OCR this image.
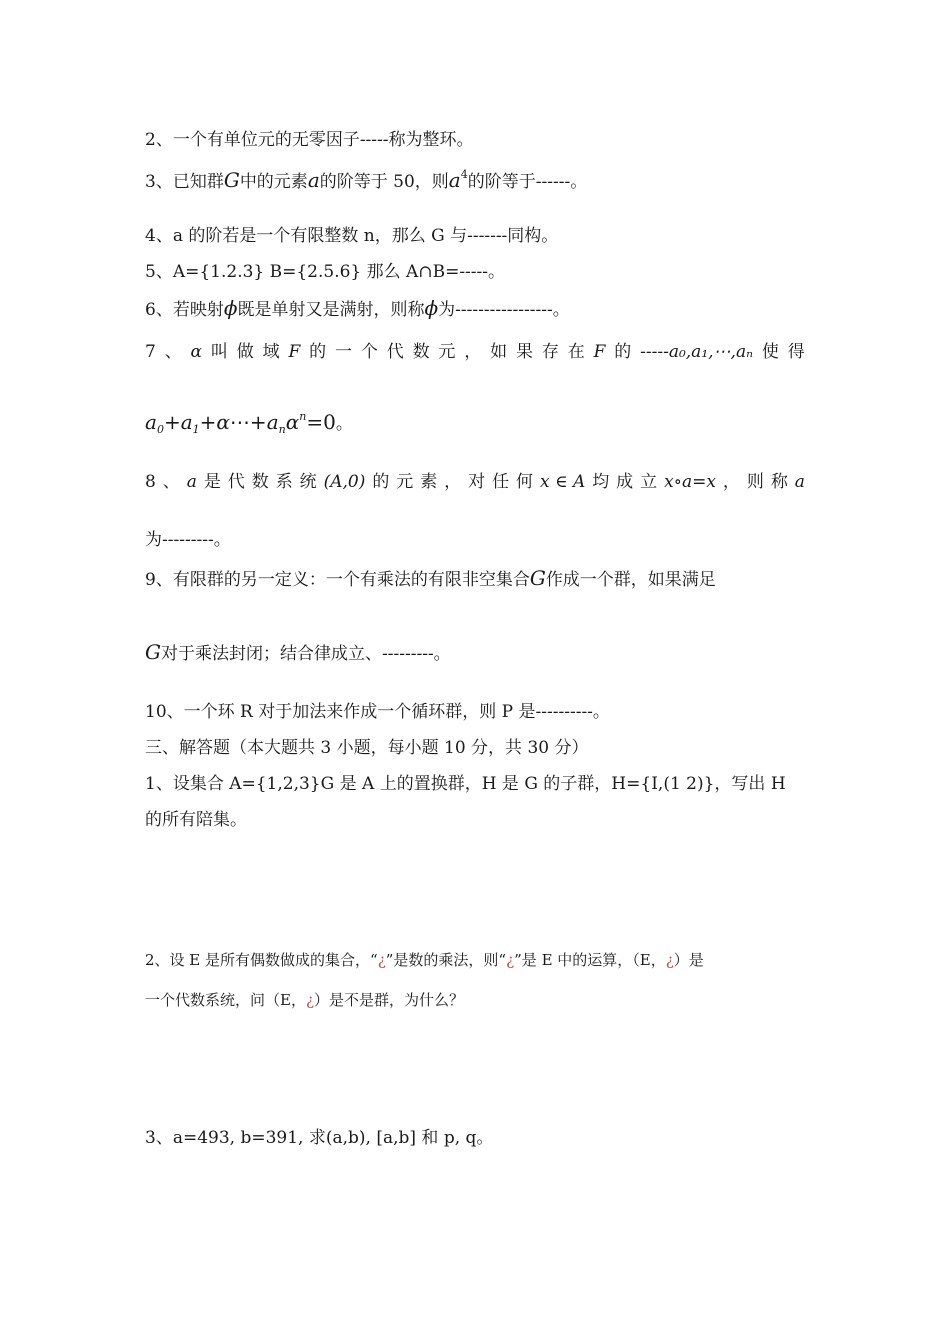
2、一个有单位元的无零因子-----称为整环。
3、已知群G中的元素a的阶等于 50，则$a^4$的阶等于------。
4、a 的阶若是一个有限整数 n，那么 G 与-------同构。
5、A={1.2.3} B={2.5.6} 那么 A∩B=-----。
6、若映射ϕ既是单射又是满射，则称ϕ为-----------------。
7 、 α 叫 做 域 F 的 一 个 代 数 元 ， 如 果 存 在 F 的 -----a₀,a₁,⋯,aₙ 使 得
$a_0+a_1+\alpha\cdots+a_n\alpha^n=0$。
8 、 a 是 代 数 系 统 (A,0) 的 元 素 ， 对 任 何 x ∈ A 均 成 立 x∘a=x ， 则 称 a
为---------。
9、有限群的另一定义：一个有乘法的有限非空集合G作成一个群，如果满足
G对于乘法封闭；结合律成立、---------。
10、一个环 R 对于加法来作成一个循环群，则 P 是----------。
三、解答题（本大题共 3 小题，每小题 10 分，共 30 分）
1、设集合 A={1,2,3}G 是 A 上的置换群，H 是 G 的子群，H={I,(1 2)}，写出 H
的所有陪集。
2、设 E 是所有偶数做成的集合，“¿”是数的乘法，则“¿”是 E 中的运算，（E，¿）是
一个代数系统，问（E，¿）是不是群，为什么？
3、a=493, b=391, 求(a,b), [a,b] 和 p, q。
